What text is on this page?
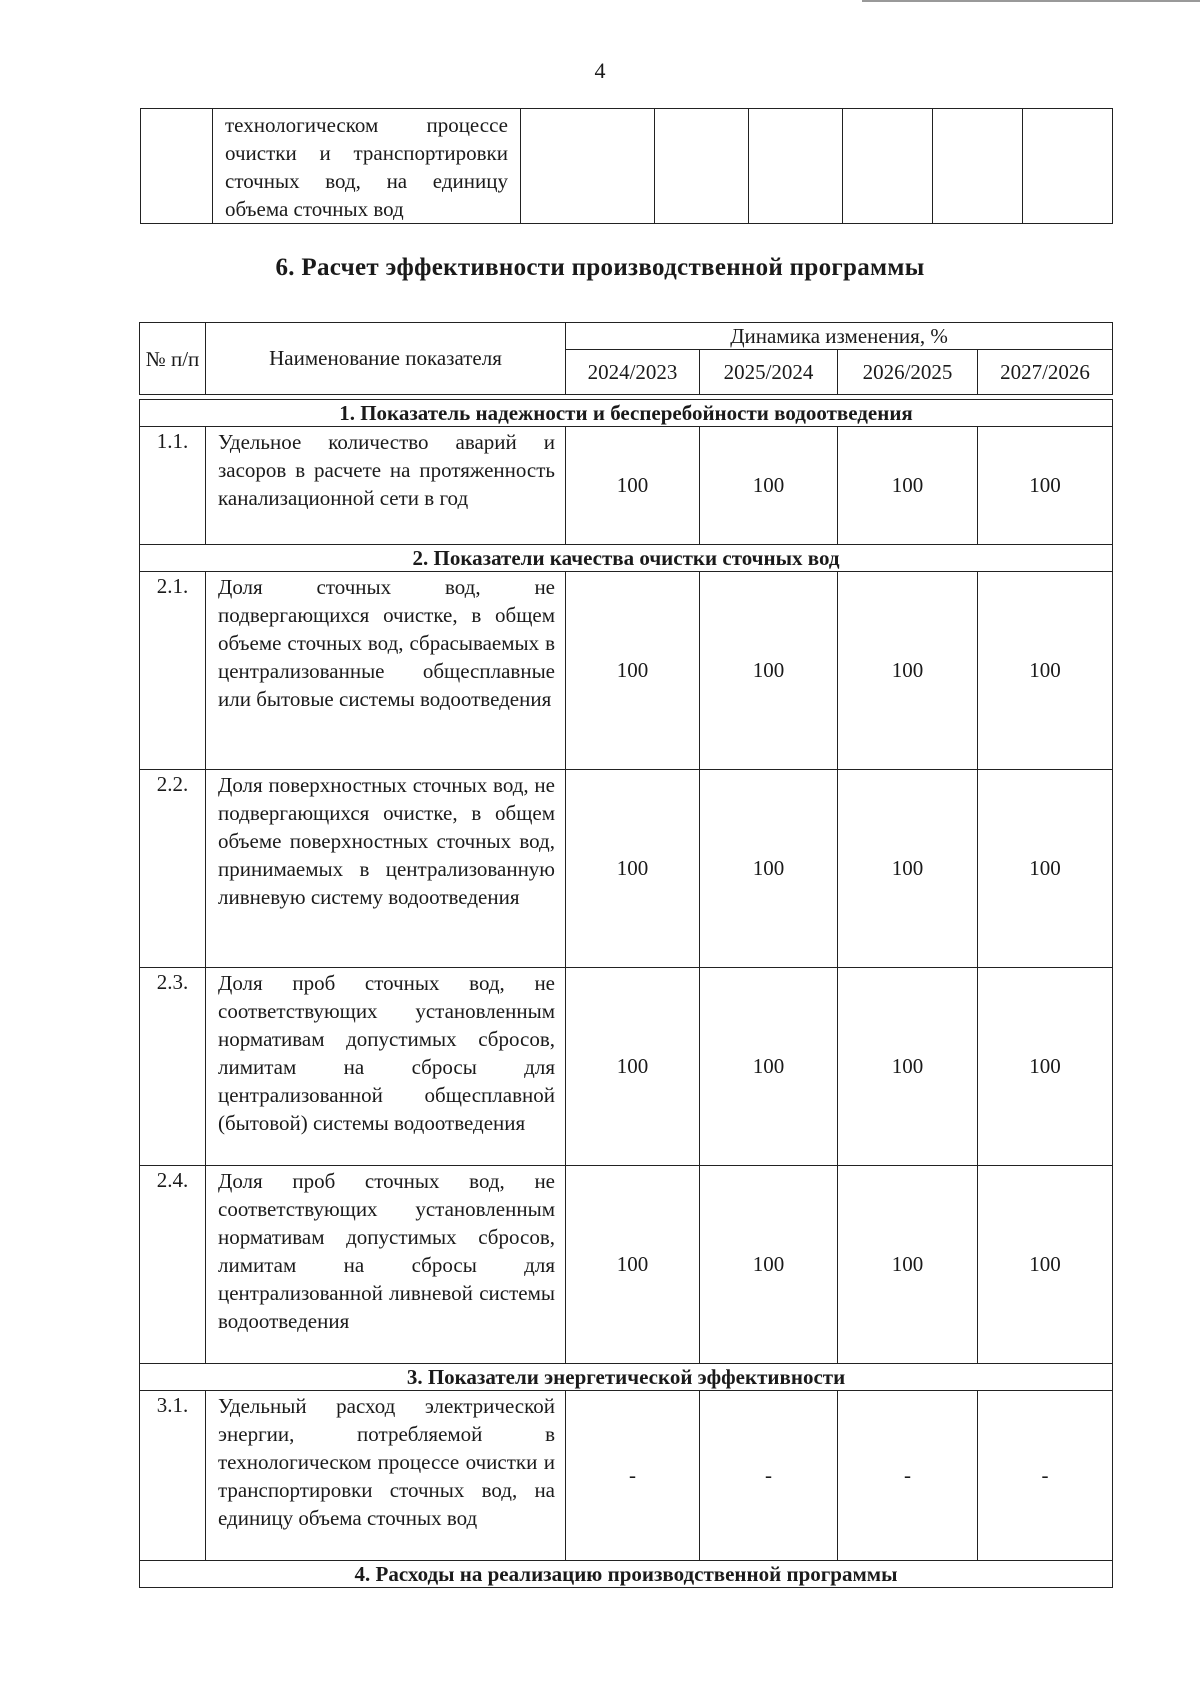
4
	технологическом процессе очистки и транспортировки сточных вод, на единицу объема сточных вод						
6. Расчет эффективности производственной программы
№ п/п	Наименование показателя	Динамика изменения, %			
		2024/2023	2025/2024	2026/2025	2027/2026

1. Показатель надежности и бесперебойности водоотведения					
1.1.	Удельное количество аварий и засоров в расчете на протяженность канализационной сети в год	100	100	100	100
2. Показатели качества очистки сточных вод					
2.1.	Доля сточных вод, не подвергающихся очистке, в общем объеме сточных вод, сбрасываемых в централизованные общесплавные или бытовые системы водоотведения	100	100	100	100
2.2.	Доля поверхностных сточных вод, не подвергающихся очистке, в общем объеме поверхностных сточных вод, принимаемых в централизованную ливневую систему водоотведения	100	100	100	100
2.3.	Доля проб сточных вод, не соответствующих установленным нормативам допустимых сбросов, лимитам на сбросы для централизованной общесплавной (бытовой) системы водоотведения	100	100	100	100
2.4.	Доля проб сточных вод, не соответствующих установленным нормативам допустимых сбросов, лимитам на сбросы для централизованной ливневой системы водоотведения	100	100	100	100
3. Показатели энергетической эффективности					
3.1.	Удельный расход электрической энергии, потребляемой в технологическом процессе очистки и транспортировки сточных вод, на единицу объема сточных вод	-	-	-	-
4. Расходы на реализацию производственной программы					
